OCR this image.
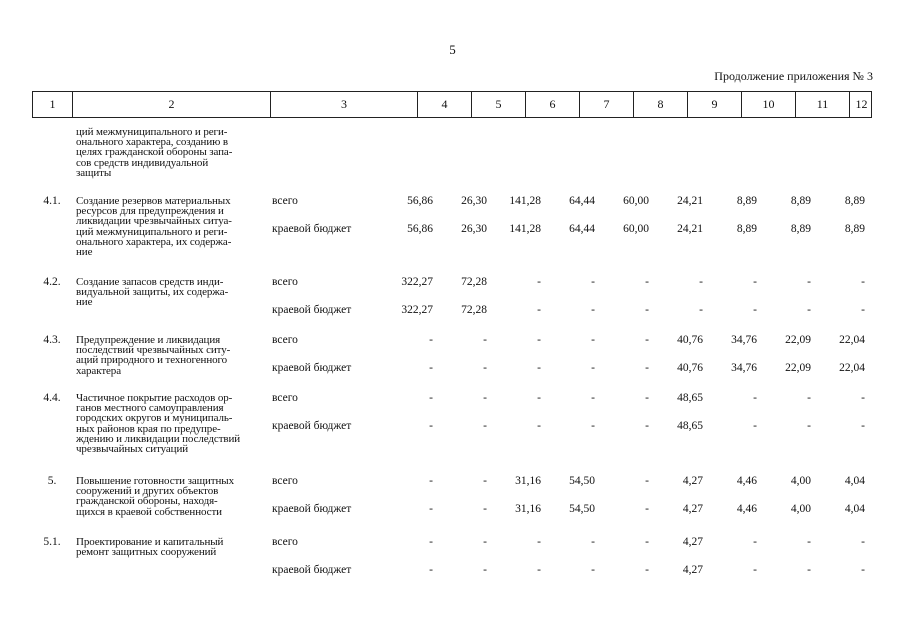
5
Продолжение приложения № 3
1	2	3	4	5	6	7	8	9	10	11	12
ций межмуниципального и реги-
онального характера, созданию в
целях гражданской обороны запа-
сов средств индивидуальной
защиты
4.1.	Создание резервов материальных
ресурсов для предупреждения и
ликвидации чрезвычайных ситуа-
ций межмуниципального и реги-
онального характера, их содержа-
ние
всего	56,86 26,30 141,28 64,44 60,00 24,21	8,89	8,89	8,89
краевой бюджет	56,86 26,30 141,28 64,44 60,00 24,21	8,89	8,89	8,89
4.2.	Создание запасов средств инди-
видуальной защиты, их содержа-
ние
всего	322,27 72,28	-	-	-	-	-	-	-
краевой бюджет	322,27 72,28	-	-	-	-	-	-	-
4.3.	Предупреждение и ликвидация
последствий чрезвычайных ситу-
аций природного и техногенного
характера
всего	-	-	-	-	- 40,76 34,76 22,09 22,04
краевой бюджет	-	-	-	-	- 40,76 34,76 22,09 22,04
4.4.	Частичное покрытие расходов ор-
ганов местного самоуправления
городских округов и муниципаль-
ных районов края по предупре-
ждению и ликвидации последствий
чрезвычайных ситуаций
всего	-	-	-	-	- 48,65	-	-	-
краевой бюджет	-	-	-	-	- 48,65	-	-	-
5.	Повышение готовности защитных
сооружений и других объектов
гражданской обороны, находя-
щихся в краевой собственности
всего	-	- 31,16 54,50	-	4,27	4,46	4,00	4,04
краевой бюджет	-	- 31,16 54,50	-	4,27	4,46	4,00	4,04
5.1.	Проектирование и капитальный
ремонт защитных сооружений
всего	-	-	-	-	-	4,27	-	-	-
краевой бюджет	-	-	-	-	-	4,27	-	-	-
